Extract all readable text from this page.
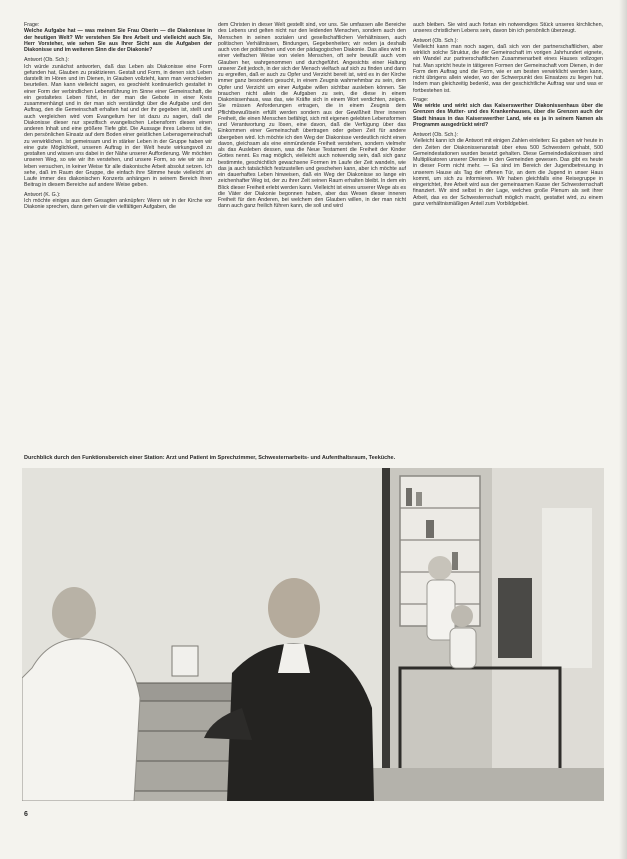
Frage:

Welche Aufgabe hat — was meinen Sie Frau Oberin — die Diakonisse in der heutigen Welt? Wir verstehen Sie Ihre Arbeit und vielleicht auch Sie, Herr Vorsteher, wie sehen Sie aus Ihrer Sicht aus die Aufgaben der Diakonisse und im weiteren Sinn die der Diakonie?

Antwort (Ob. Sch.):

Ich würde zunächst antworten, daß das Leben als Diakonisse eine Form gefunden hat, Glauben zu praktizieren. Gestalt und Form, in denen sich Leben darstellt im Hören und im Dienen, in Glauben vollzieht, kann man verschieden beurteilen. Man kann vielleicht sagen, es geschieht kontinuierlich gestaltet in einer Form der verbindlichen Lebensführung im Sinne einer Gemeinschaft, die ein gestaltetes Leben führt, in der man die Gebote in einer Kreis zusammenhängt und in der man sich verständigt über die Aufgabe und den Auftrag, den die Gemeinschaft erhalten hat und der ihr gegeben ist, stellt und auch vergleichen wird vom Evangelium her ist dazu zu sagen, daß die Diakonisse dieser nur spezifisch evangelischen Lebensform diesen einen anderen Inhalt und eine größere Tiefe gibt. Die Aussage ihres Lebens ist die, den persönlichen Einsatz auf dem Boden einer geistlichen Lebensgemeinschaft zu verwirklichen. Ist gemeinsam und in stärker Leben in der Gruppe haben wir eine gute Möglichkeit, unseren Auftrag in der Welt heute wirkungsvoll zu gestalten und wissen uns dabei in der Nähe unserer Aufforderung. Wir möchten unseren Weg, so wie wir ihn verstehen, und unsere Form, so wie wir sie zu leben versuchen, in keiner Weise für alle diakonische Arbeit absolut setzen. Ich sehe, daß im Raum der Gruppe, die einfach ihre Stimme heute vielleicht an Laufe immer des diakonischen Konzerts anhängen in seinem Bereich ihren Beitrag in diesem Bereiche auf andere Weise geben.

Antwort (K. G.):

Ich möchte einiges aus dem Gesagten anknüpfen: Wenn wir in der Kirche vor Diakonie sprechen, dann gehen wir die vielfältigen Aufgaben, die

dem Christen in dieser Welt gestellt sind, vor uns. Sie umfassen alle Bereiche des Lebens und gelten nicht nur den leidenden Menschen, sondern auch den Menschen in seinen sozialen und gesellschaftlichen Verhältnissen, auch politischen Verhältnissen, Bindungen, Gegebenheiten; wir reden ja deshalb auch von der politischen und von der pädagogischen Diakonie. Das alles wird in einer vielfachen Weise von vielen Menschen, oft sehr bewußt auch vom Glauben her, wahrgenommen und durchgeführt. Angesichts einer Haltung unserer Zeit jedoch, in der sich der Mensch vielfach auf sich zu finden und dann zu ergreifen, daß er auch zu Opfer und Verzicht bereit ist, wird es in der Kirche immer ganz besonders gesucht, in einem Zeugnis wahrnehmbar zu sein, dem Opfer und Verzicht um einer Aufgabe willen sichtbar ausleben können. Sie brauchen nicht allein die Aufgaben zu sein, die diese in einem Diakonissenhaus, was das, wie Kräfte sich in einem Wort verdichten, zeigen. Sie müssen Anforderungen ertragen, die in einem Zeugnis dem Pflichtbewußtsein erfüllt werden sondern aus der Gewißheit Ihrer inneren Freiheit, die einen Menschen befähigt, sich mit eigenen gelebten Lebensformen und Verantwortung zu lösen, eine davon, daß die Verfügung über das Einkommen einer Gemeinschaft übertragen oder geben Zeit für andere übergeben wird. Ich möchte ich den Weg der Diakonisse verdeutlich nicht einen davon, gleichsam als eine einmündende Freiheit verstehen, sondern vielmehr als das Ausleben dessen, was die Neue Testament die Freiheit der Kinder Gottes nennt. Es mag möglich, vielleicht auch notwendig sein, daß sich ganz bestimmte, geschichtlich gewachsene Formen im Laufe der Zeit wandeln, wie das ja auch tatsächlich festzustellen und geschehen kann, aber ich möchte auf ein dauerhaftes Leben hinweisen, daß ein Weg der Diakonisse so lange ein zeichenhafter Weg ist, der zu ihrer Zeit seinen Raum erhalten bleibt. In dem ein Blick dieser Freiheit erlebt werden kann. Vielleicht ist eines unserer Wege als es die Väter der Diakonie begonnen haben, aber das Wesen dieser inneren Freiheit für den Anderen, bei welchem den Glauben willen, in der man nicht dann auch ganz freilich führen kann, die soll und wird

auch bleiben. Sie wird auch fortan ein notwendiges Stück unseres kirchlichen, unseres christlichen Lebens sein, davon bin ich persönlich überzeugt.

Antwort (Ob. Sch.):

Vielleicht kann man noch sagen, daß sich von der partnerschaftlichen, aber wirklich solche Struktur, die der Gemeinschaft im vorigen Jahrhundert eignete, ein Wandel zur partnerschaftlichen Zusammenarbeit eines Hauses vollzogen hat. Man spricht heute in tätigeren Formen der Gemeinschaft vom Dienen, in der Form dem Auftrag und die Form, wie er am besten verwirklicht werden kann, nicht übrigens allein wieder, wo der Schwerpunkt des Einsatzes zu liegen hat. Indem man gleichzeitig bedenkt, was der geschichtliche Auftrag war und was er fortbestehen ist.

Frage:

Wie wirkte und wirkt sich das Kaiserswerther Diakonissenhaus über die Grenzen des Mutter- und des Krankenhauses, über die Grenzen auch der Stadt hinaus in das Kaiserswerther Land, wie es ja in seinem Namen als Programm ausgedrückt wird?

Antwort (Ob. Sch.):

Vielleicht kann ich die Antwort mit einigen Zahlen einleiten: Es gaben wir heute in den Zeiten der Diakonissenanstalt über etwa 500 Schwestern gehabt, 500 Gemeindestationen wurden besetzt gehalten. Diese Gemeindediakonissen sind Multiplikatoren unserer Dienste in den Gemeinden gewesen. Das gibt es heute in dieser Form nicht mehr. — Es sind im Bereich der Jugendbetreuung in unserem Hause als Tag der offenen Tür, an dem die Jugend in unser Haus kommt, um sich zu informieren. Wir haben gleichfalls eine Reisegruppe in eingerichtet, ihre Arbeit wird aus der gemeinsamen Kasse der Schwesternschaft finanziert. Wir sind selbst in der Lage, welches große Plenum als seit ihrer Arbeit, das es der Schwesternschaft möglich macht, gestattet wird, zu einem ganz verhältnismäßigen Anteil zum Vorbildgebiet.

Durchblick durch den Funktionsbereich einer Station: Arzt und Patient im Sprechzimmer, Schwesternarbeits- und Aufenthaltsraum, Teeküche.
6
